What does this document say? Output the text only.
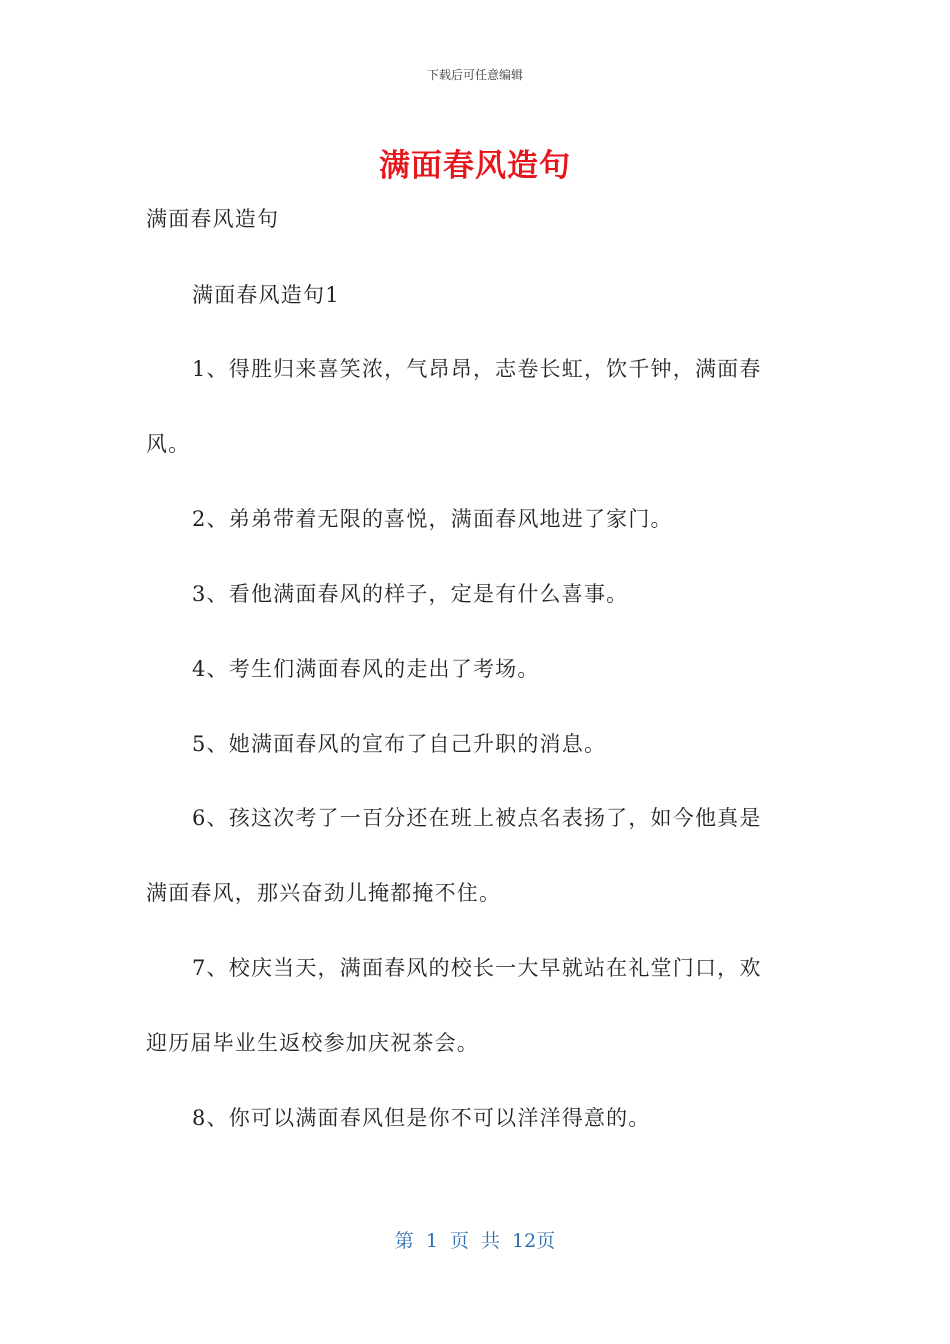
下载后可任意编辑
满面春风造句
满面春风造句
满面春风造句1
1、得胜归来喜笑浓，气昂昂，志卷长虹，饮千钟，满面春
风。
2、弟弟带着无限的喜悦，满面春风地进了家门。
3、看他满面春风的样子，定是有什么喜事。
4、考生们满面春风的走出了考场。
5、她满面春风的宣布了自己升职的消息。
6、孩这次考了一百分还在班上被点名表扬了，如今他真是
满面春风，那兴奋劲儿掩都掩不住。
7、校庆当天，满面春风的校长一大早就站在礼堂门口，欢
迎历届毕业生返校参加庆祝茶会。
8、你可以满面春风但是你不可以洋洋得意的。
第 1 页 共 12页
